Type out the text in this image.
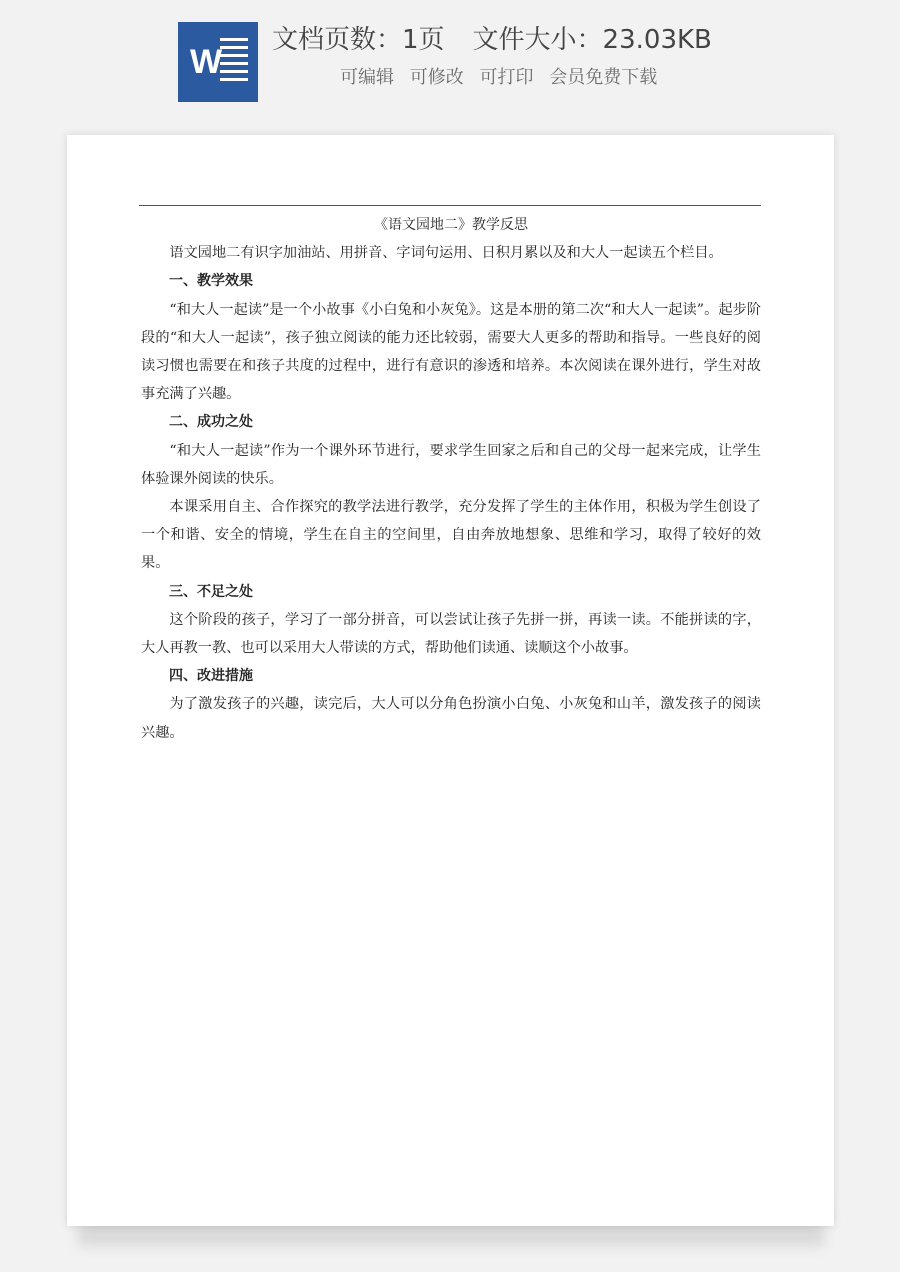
W
文档页数：1页 文件大小：23.03KB
可编辑 可修改 可打印 会员免费下载

《语文园地二》教学反思

语文园地二有识字加油站、用拼音、字词句运用、日积月累以及和大人一起读五个栏目。

一、教学效果

“和大人一起读”是一个小故事《小白兔和小灰兔》。这是本册的第二次“和大人一起读”。起步阶段的“和大人一起读”，孩子独立阅读的能力还比较弱，需要大人更多的帮助和指导。一些良好的阅读习惯也需要在和孩子共度的过程中，进行有意识的渗透和培养。本次阅读在课外进行，学生对故事充满了兴趣。

二、成功之处

“和大人一起读”作为一个课外环节进行，要求学生回家之后和自己的父母一起来完成，让学生体验课外阅读的快乐。

本课采用自主、合作探究的教学法进行教学，充分发挥了学生的主体作用，积极为学生创设了一个和谐、安全的情境，学生在自主的空间里，自由奔放地想象、思维和学习，取得了较好的效果。

三、不足之处

这个阶段的孩子，学习了一部分拼音，可以尝试让孩子先拼一拼，再读一读。不能拼读的字，大人再教一教、也可以采用大人带读的方式，帮助他们读通、读顺这个小故事。

四、改进措施

为了激发孩子的兴趣，读完后，大人可以分角色扮演小白兔、小灰兔和山羊，激发孩子的阅读兴趣。
